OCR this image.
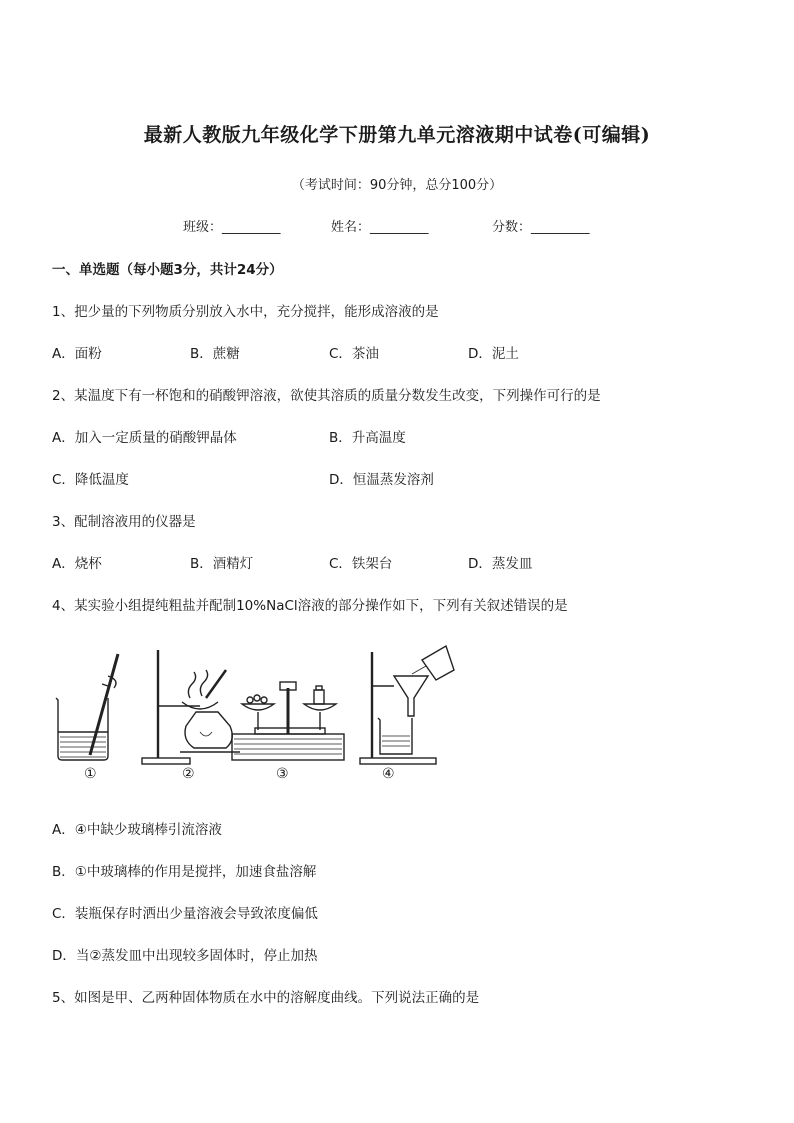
最新人教版九年级化学下册第九单元溶液期中试卷(可编辑)
（考试时间：90分钟，总分100分）
班级：_________	姓名：_________	分数：_________
一、单选题（每小题3分，共计24分）
1、把少量的下列物质分别放入水中，充分搅拌，能形成溶液的是
A．面粉	B．蔗糖	C．茶油	D．泥土
2、某温度下有一杯饱和的硝酸钾溶液，欲使其溶质的质量分数发生改变，下列操作可行的是
A．加入一定质量的硝酸钾晶体	B．升高温度
C．降低温度	D．恒温蒸发溶剂
3、配制溶液用的仪器是
A．烧杯	B．酒精灯	C．铁架台	D．蒸发皿
4、某实验小组提纯粗盐并配制10%NaCl溶液的部分操作如下，下列有关叙述错误的是
①	②	③	④
A．④中缺少玻璃棒引流溶液
B．①中玻璃棒的作用是搅拌，加速食盐溶解
C．装瓶保存时洒出少量溶液会导致浓度偏低
D．当②蒸发皿中出现较多固体时，停止加热
5、如图是甲、乙两种固体物质在水中的溶解度曲线。下列说法正确的是
